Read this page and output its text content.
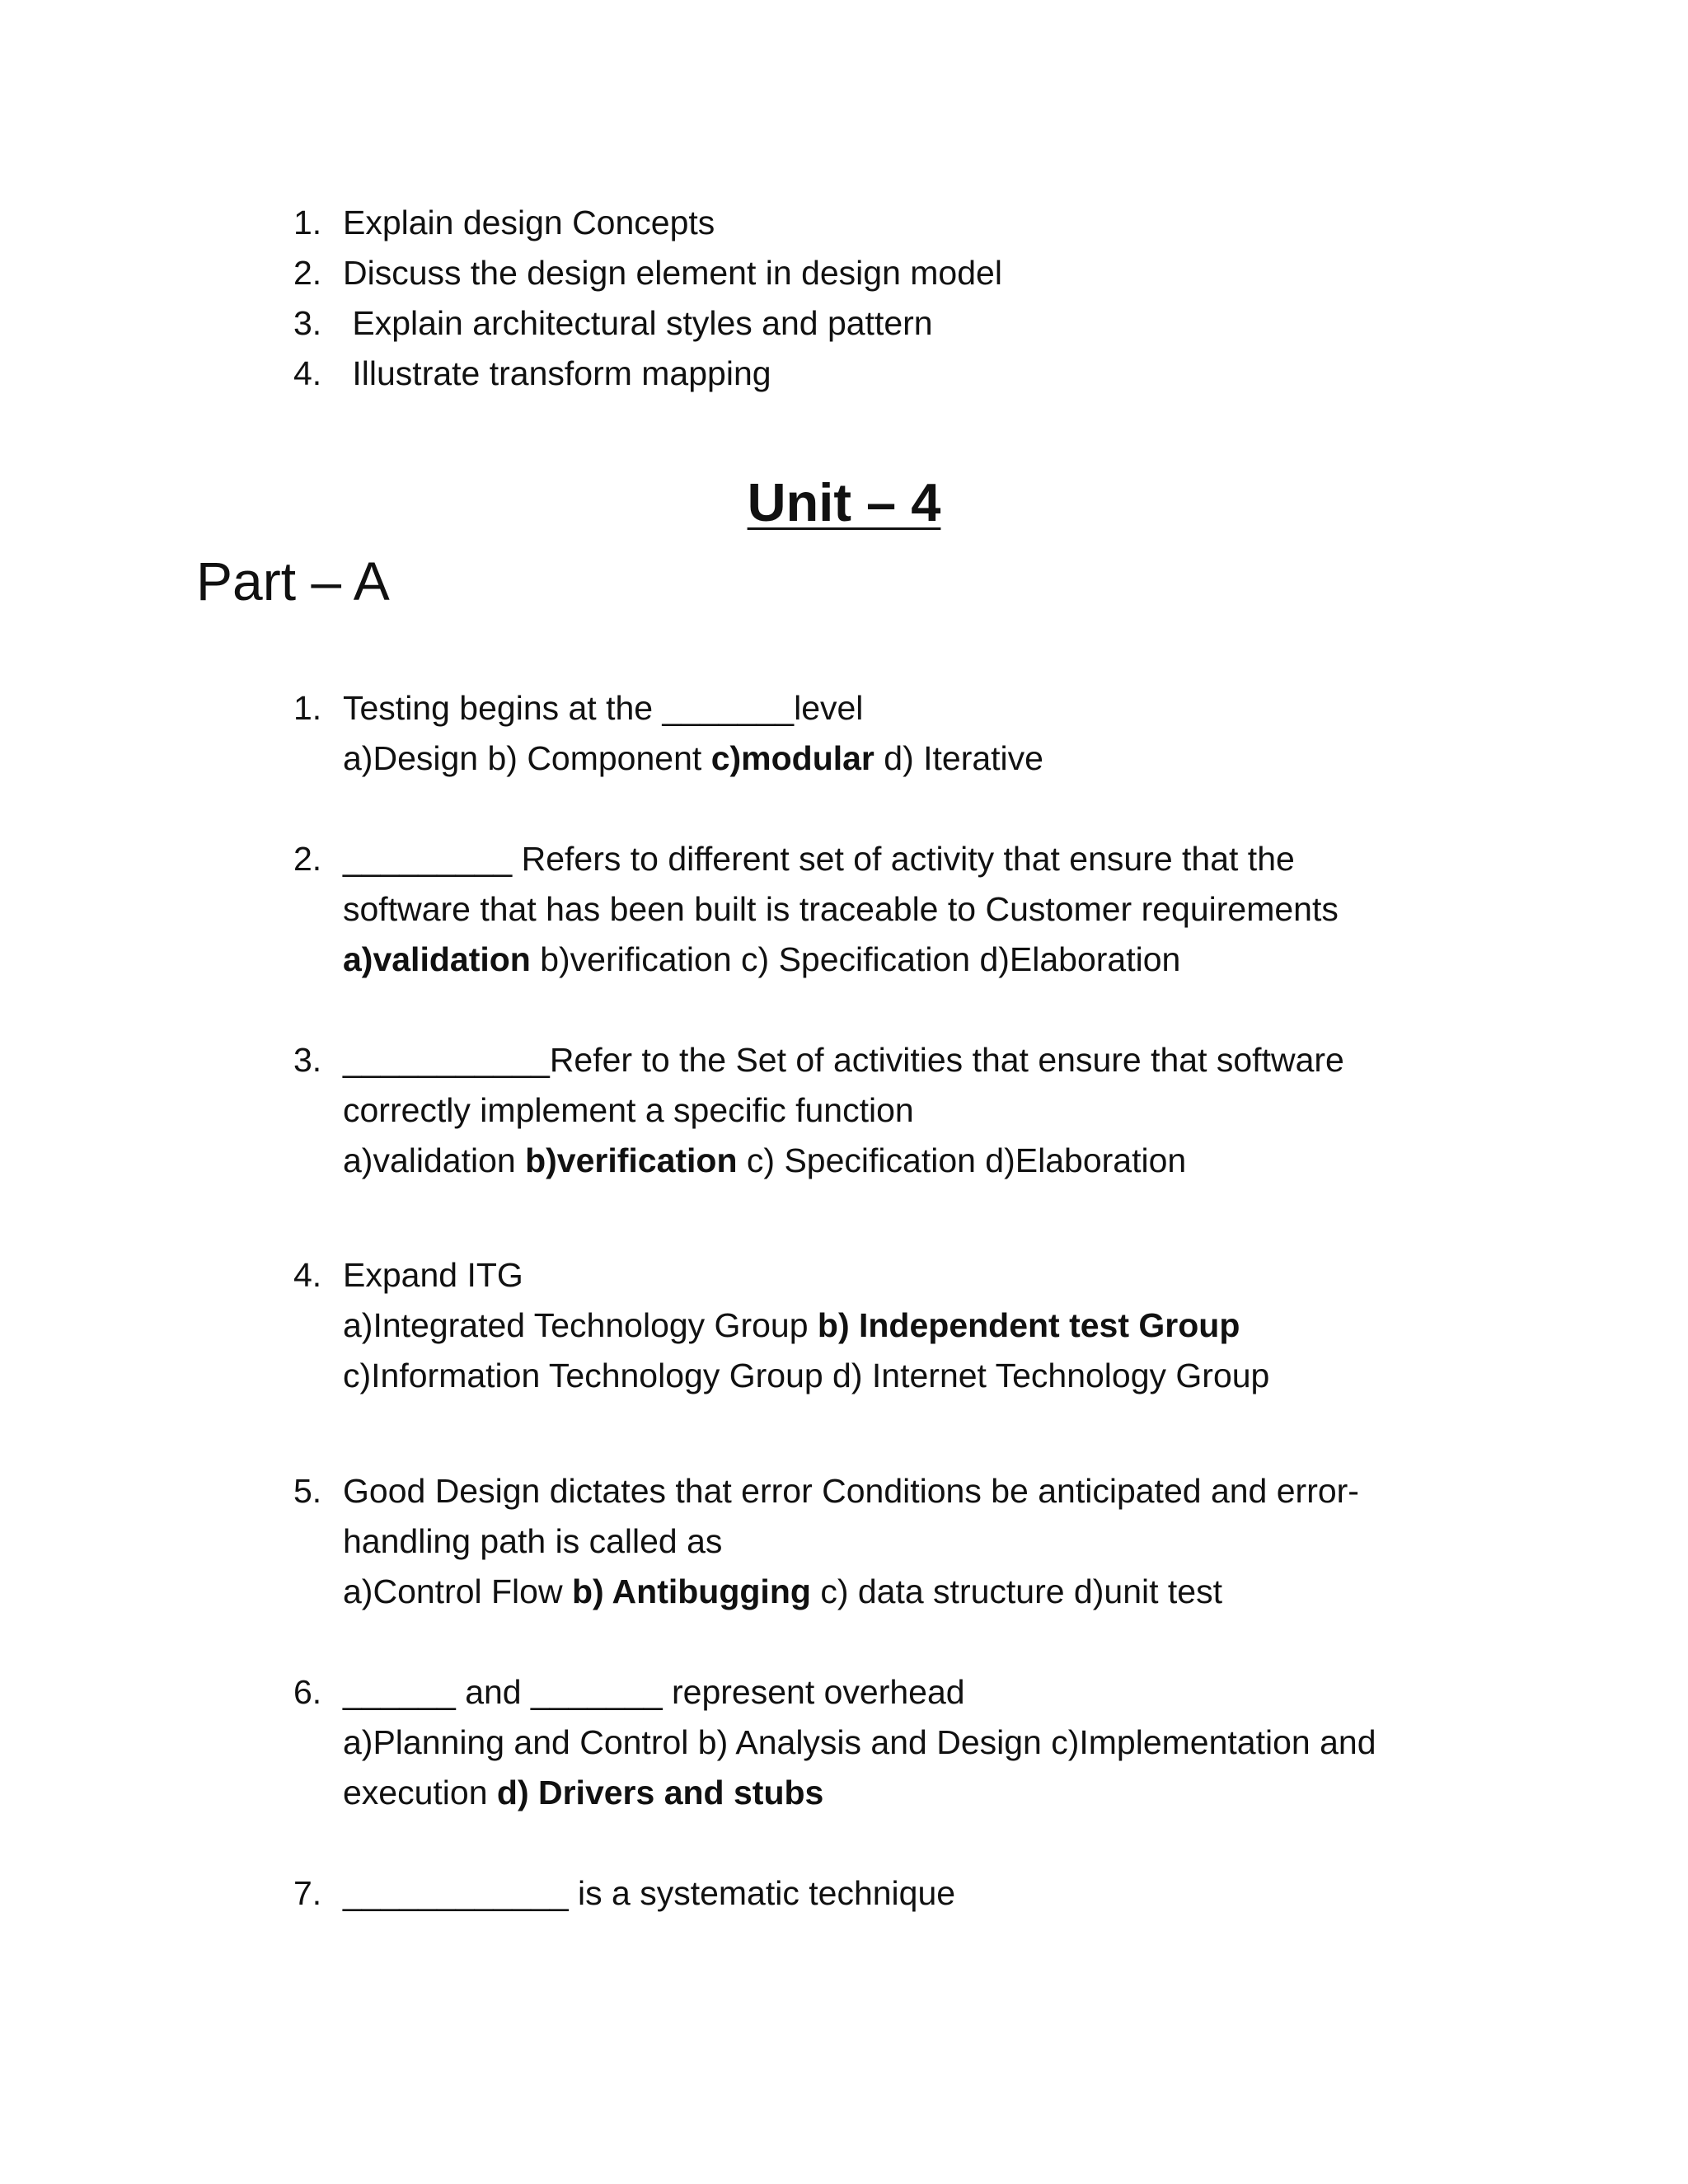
1. Explain design Concepts
2. Discuss the design element in design model
3. Explain architectural styles and pattern
4. Illustrate transform mapping
Unit – 4
Part – A
1. Testing begins at the _______level
a)Design b) Component c)modular d) Iterative
2. _________ Refers to different set of activity that ensure that the
software that has been built is traceable to Customer requirements
a)validation b)verification c) Specification d)Elaboration
3. ___________Refer to the Set of activities that ensure that software
correctly implement a specific function
a)validation b)verification c) Specification d)Elaboration
4. Expand ITG
a)Integrated Technology Group b) Independent test Group
c)Information Technology Group d) Internet Technology Group
5. Good Design dictates that error Conditions be anticipated and error-
handling path is called as
a)Control Flow b) Antibugging c) data structure d)unit test
6. ______ and _______ represent overhead
a)Planning and Control b) Analysis and Design c)Implementation and
execution d) Drivers and stubs
7. ____________ is a systematic technique
